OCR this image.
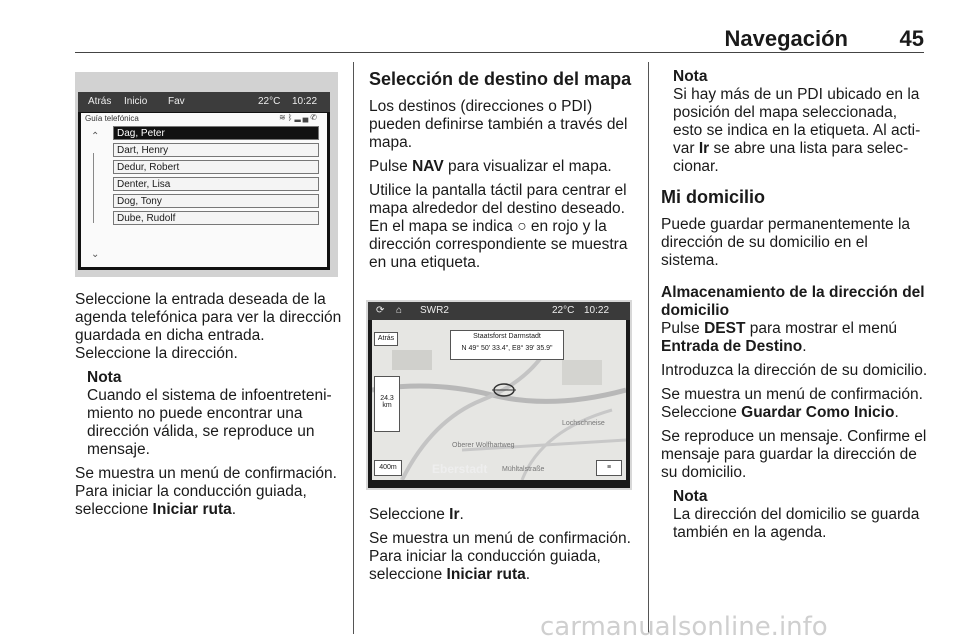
Navegación 45
Atrás Inicio Fav	22°C 10:22
Guía telefónica	≋ᛒ▂▄✆
⌃
⌄
Dag, Peter
Dart, Henry
Dedur, Robert
Denter, Lisa
Dog, Tony
Dube, Rudolf

Seleccione la entrada deseada de la agenda telefónica para ver la dirección guardada en dicha entrada. Seleccione la dirección.

Nota
Cuando el sistema de infoentretenimiento no puede encontrar una dirección válida, se reproduce un mensaje.

Se muestra un menú de confirmación. Para iniciar la conducción guiada, seleccione Iniciar ruta.

Selección de destino del mapa

Los destinos (direcciones o PDI) pueden definirse también a través del mapa.

Pulse NAV para visualizar el mapa.

Utilice la pantalla táctil para centrar el mapa alrededor del destino deseado. En el mapa se indica ○ en rojo y la dirección correspondiente se muestra en una etiqueta.

⟳ ⌂ SWR2	22°C 10:22
Atrás	Staatsforst Darmstadt
N 49° 50' 33.4", E8° 39' 35.9"
24.3 km
400m	≡
Lochschneise
Oberer Wolfhartweg
Mühltalstraße
Eberstadt

Seleccione Ir.

Se muestra un menú de confirmación. Para iniciar la conducción guiada, seleccione Iniciar ruta.

Nota
Si hay más de un PDI ubicado en la posición del mapa seleccionada, esto se indica en la etiqueta. Al activar Ir se abre una lista para seleccionar.
Mi domicilio

Puede guardar permanentemente la dirección de su domicilio en el sistema.

Almacenamiento de la dirección del domicilio

Pulse DEST para mostrar el menú Entrada de Destino.

Introduzca la dirección de su domicilio.

Se muestra un menú de confirmación. Seleccione Guardar Como Inicio.

Se reproduce un mensaje. Confirme el mensaje para guardar la dirección de su domicilio.

Nota
La dirección del domicilio se guarda también en la agenda.
carmanualsonline.info
